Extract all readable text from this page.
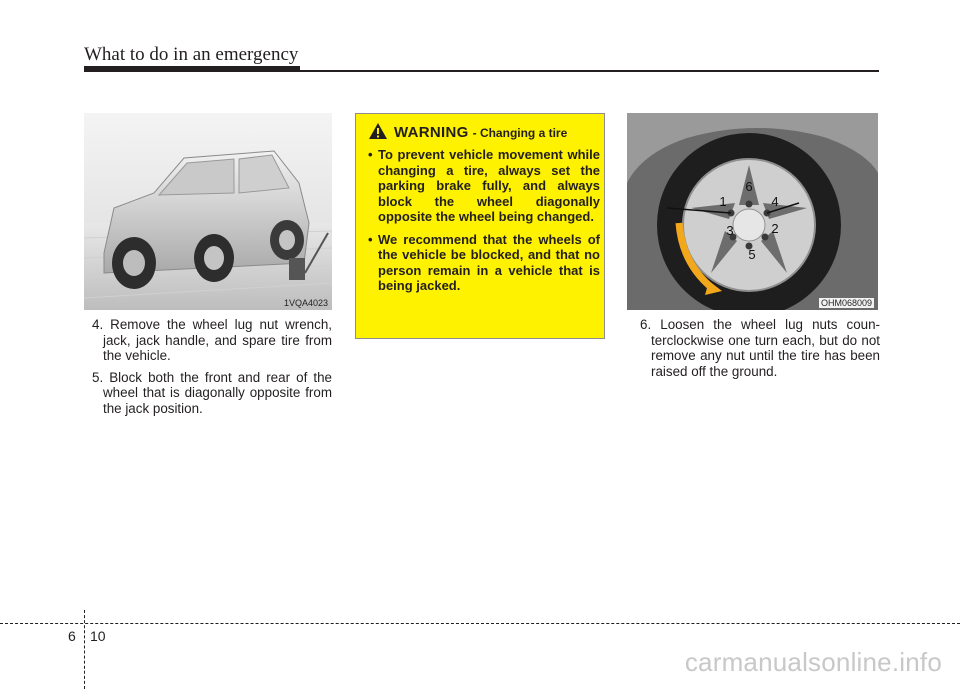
What to do in an emergency
1VQA4023
WARNING - Changing a tire
• To prevent vehicle movement while changing a tire, always set the parking brake fully, and always block the wheel diagonally opposite the wheel being changed.
• We recommend that the wheels of the vehicle be blocked, and that no person remain in a vehicle that is being jacked.
6
4
2
5
3
1
OHM068009
4. Remove the wheel lug nut wrench, jack, jack handle, and spare tire from the vehicle.
5. Block both the front and rear of the wheel that is diagonally opposite from the jack position.
6. Loosen the wheel lug nuts coun- terclockwise one turn each, but do not remove any nut until the tire has been raised off the ground.
6 10
carmanualsonline.info
